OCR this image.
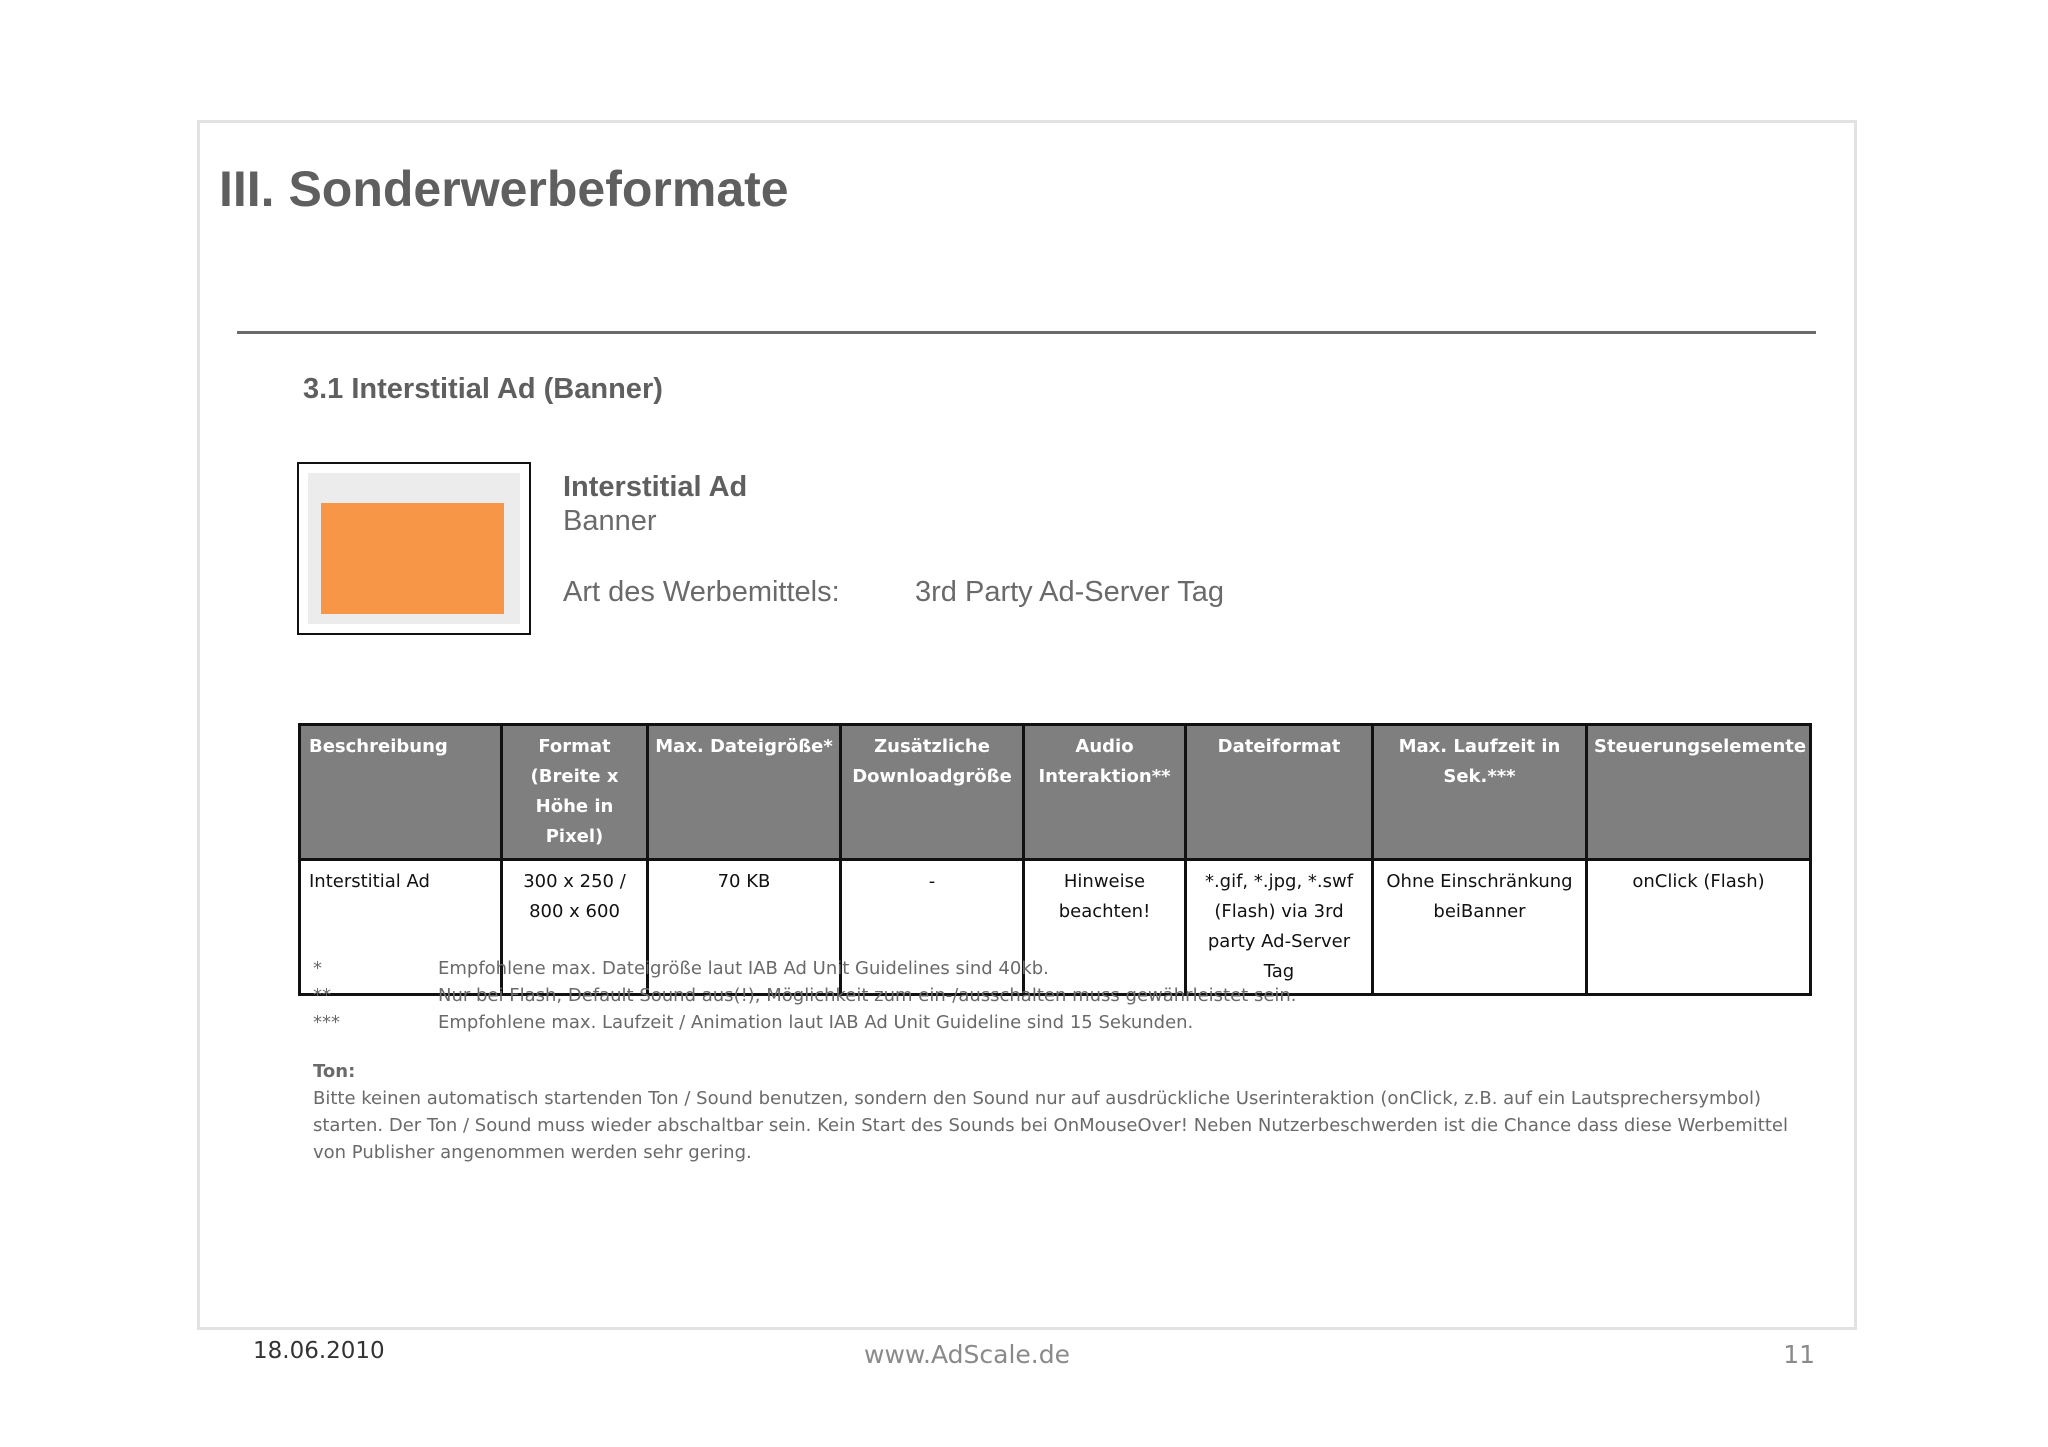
III. Sonderwerbeformate
3.1 Interstitial Ad (Banner)
Interstitial Ad
Banner
Art des Werbemittels:	3rd Party Ad-Server Tag
Beschreibung	Format (Breite x Höhe in Pixel)	Max. Dateigröße*	Zusätzliche Downloadgröße	Audio Interaktion**	Dateiformat	Max. Laufzeit in Sek.***	Steuerungselemente
Interstitial Ad	300 x 250 / 800 x 600	70 KB	-	Hinweise beachten!	*.gif, *.jpg, *.swf (Flash) via 3rd party Ad-Server Tag	Ohne Einschränkung beiBanner	onClick (Flash)
*	Empfohlene max. Dateigröße laut IAB Ad Unit Guidelines sind 40kb.
**	Nur bei Flash, Default Sound aus(!), Möglichkeit zum ein-/ausschalten muss gewährleistet sein.
***	Empfohlene max. Laufzeit / Animation laut IAB Ad Unit Guideline sind 15 Sekunden.
Ton:

Bitte keinen automatisch startenden Ton / Sound benutzen, sondern den Sound nur auf ausdrückliche Userinteraktion (onClick, z.B. auf ein Lautsprechersymbol) starten. Der Ton / Sound muss wieder abschaltbar sein. Kein Start des Sounds bei OnMouseOver! Neben Nutzerbeschwerden ist die Chance dass diese Werbemittel von Publisher angenommen werden sehr gering.

18.06.2010	www.AdScale.de	11
